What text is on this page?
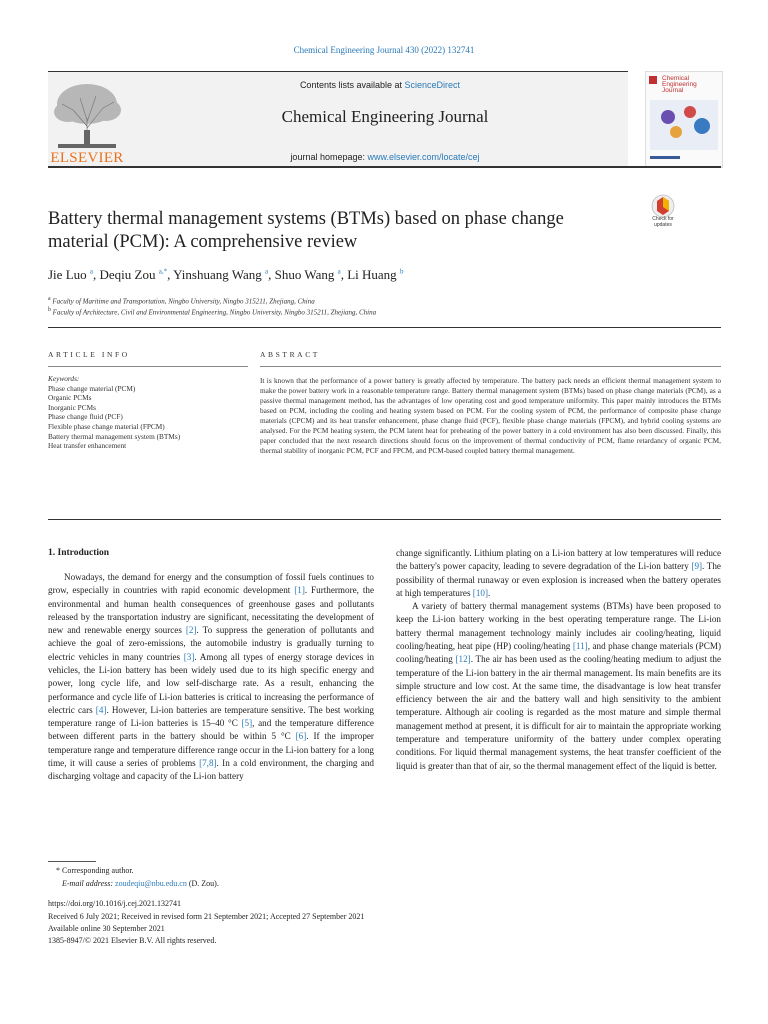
Chemical Engineering Journal 430 (2022) 132741
ELSEVIER
Contents lists available at ScienceDirect
Chemical Engineering Journal
journal homepage: www.elsevier.com/locate/cej
Chemical
Engineering
Journal
Check for updates
Battery thermal management systems (BTMs) based on phase change material (PCM): A comprehensive review
Jie Luo $^a$, Deqiu Zou $^{a,*}$, Yinshuang Wang $^a$, Shuo Wang $^a$, Li Huang $^b$
$^a$ Faculty of Maritime and Transportation, Ningbo University, Ningbo 315211, Zhejiang, China
$^b$ Faculty of Architecture, Civil and Environmental Engineering, Ningbo University, Ningbo 315211, Zhejiang, China
ARTICLE INFO	ABSTRACT
Keywords:
Phase change material (PCM)
Organic PCMs
Inorganic PCMs
Phase change fluid (PCF)
Flexible phase change material (FPCM)
Battery thermal management system (BTMs)
Heat transfer enhancement
It is known that the performance of a power battery is greatly affected by temperature. The battery pack needs an efficient thermal management system to make the power battery work in a reasonable temperature range. Battery thermal management system (BTMs) based on phase change materials (PCM), as a passive thermal management method, has the advantages of low operating cost and good temperature uniformity. This paper mainly introduces the BTMs based on PCM, including the cooling and heating system based on PCM. For the cooling system of PCM, the performance of composite phase change materials (CPCM) and its heat transfer enhancement, phase change fluid (PCF), flexible phase change materials (FPCM), and hybrid cooling systems are analysed. For the PCM heating system, the PCM latent heat for preheating of the power battery in a cold environment has also been discussed. Finally, this paper concluded that the next research directions should focus on the improvement of thermal conductivity of PCM, flame retardancy of organic PCM, thermal stability of inorganic PCM, PCF and FPCM, and PCM-based coupled battery thermal management.
1. Introduction

Nowadays, the demand for energy and the consumption of fossil fuels continues to grow, especially in countries with rapid economic development [1]. Furthermore, the environmental and human health consequences of greenhouse gases and pollutants released by the transportation industry are significant, necessitating the development of new and renewable energy sources [2]. To suppress the generation of pollutants and achieve the goal of zero-emissions, the automobile industry is gradually turning to electric vehicles in many countries [3]. Among all types of energy storage devices in vehicles, the Li-ion battery has been widely used due to its high specific energy and power, long cycle life, and low self-discharge rate. As a result, enhancing the performance and cycle life of Li-ion batteries is critical to increasing the performance of electric cars [4]. However, Li-ion batteries are temperature sensitive. The best working temperature range of Li-ion batteries is 15–40 °C [5], and the temperature difference between different parts in the battery should be within 5 °C [6]. If the improper temperature range and temperature difference range occur in the Li-ion battery for a long time, it will cause a series of problems [7,8]. In a cold environment, the charging and discharging voltage and capacity of the Li-ion battery

change significantly. Lithium plating on a Li-ion battery at low temperatures will reduce the battery's power capacity, leading to severe degradation of the Li-ion battery [9]. The possibility of thermal runaway or even explosion is increased when the battery operates at high temperatures [10].

A variety of battery thermal management systems (BTMs) have been proposed to keep the Li-ion battery working in the best operating temperature range. The Li-ion battery thermal management technology mainly includes air cooling/heating, liquid cooling/heating, heat pipe (HP) cooling/heating [11], and phase change materials (PCM) cooling/heating [12]. The air has been used as the cooling/heating medium to adjust the temperature of the Li-ion battery in the air thermal management. Its main benefits are its simple structure and low cost. At the same time, the disadvantage is low heat transfer efficiency between the air and the battery wall and high sensitivity to the ambient temperature. Although air cooling is regarded as the most mature and simple thermal management method at present, it is difficult for air to maintain the appropriate working temperature and temperature uniformity of the battery under complex operating conditions. For liquid thermal management systems, the heat transfer coefficient of the liquid is greater than that of air, so the thermal management effect of the liquid is better.

* Corresponding author.
E-mail address: zoudeqiu@nbu.edu.cn (D. Zou).
https://doi.org/10.1016/j.cej.2021.132741
Received 6 July 2021; Received in revised form 21 September 2021; Accepted 27 September 2021
Available online 30 September 2021
1385-8947/© 2021 Elsevier B.V. All rights reserved.
